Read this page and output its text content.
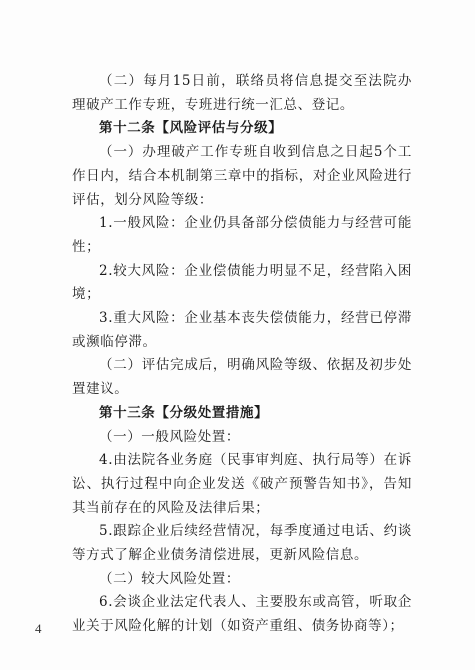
（二）每月15日前，联络员将信息提交至法院办理破产工作专班，专班进行统一汇总、登记。

第十二条【风险评估与分级】

（一）办理破产工作专班自收到信息之日起5个工作日内，结合本机制第三章中的指标，对企业风险进行评估，划分风险等级：

1.一般风险：企业仍具备部分偿债能力与经营可能性；

2.较大风险：企业偿债能力明显不足，经营陷入困境；

3.重大风险：企业基本丧失偿债能力，经营已停滞或濒临停滞。

（二）评估完成后，明确风险等级、依据及初步处置建议。

第十三条【分级处置措施】

（一）一般风险处置：

4.由法院各业务庭（民事审判庭、执行局等）在诉讼、执行过程中向企业发送《破产预警告知书》，告知其当前存在的风险及法律后果；

5.跟踪企业后续经营情况，每季度通过电话、约谈等方式了解企业债务清偿进展，更新风险信息。

（二）较大风险处置：

6.会谈企业法定代表人、主要股东或高管，听取企业关于风险化解的计划（如资产重组、债务协商等）；

4
